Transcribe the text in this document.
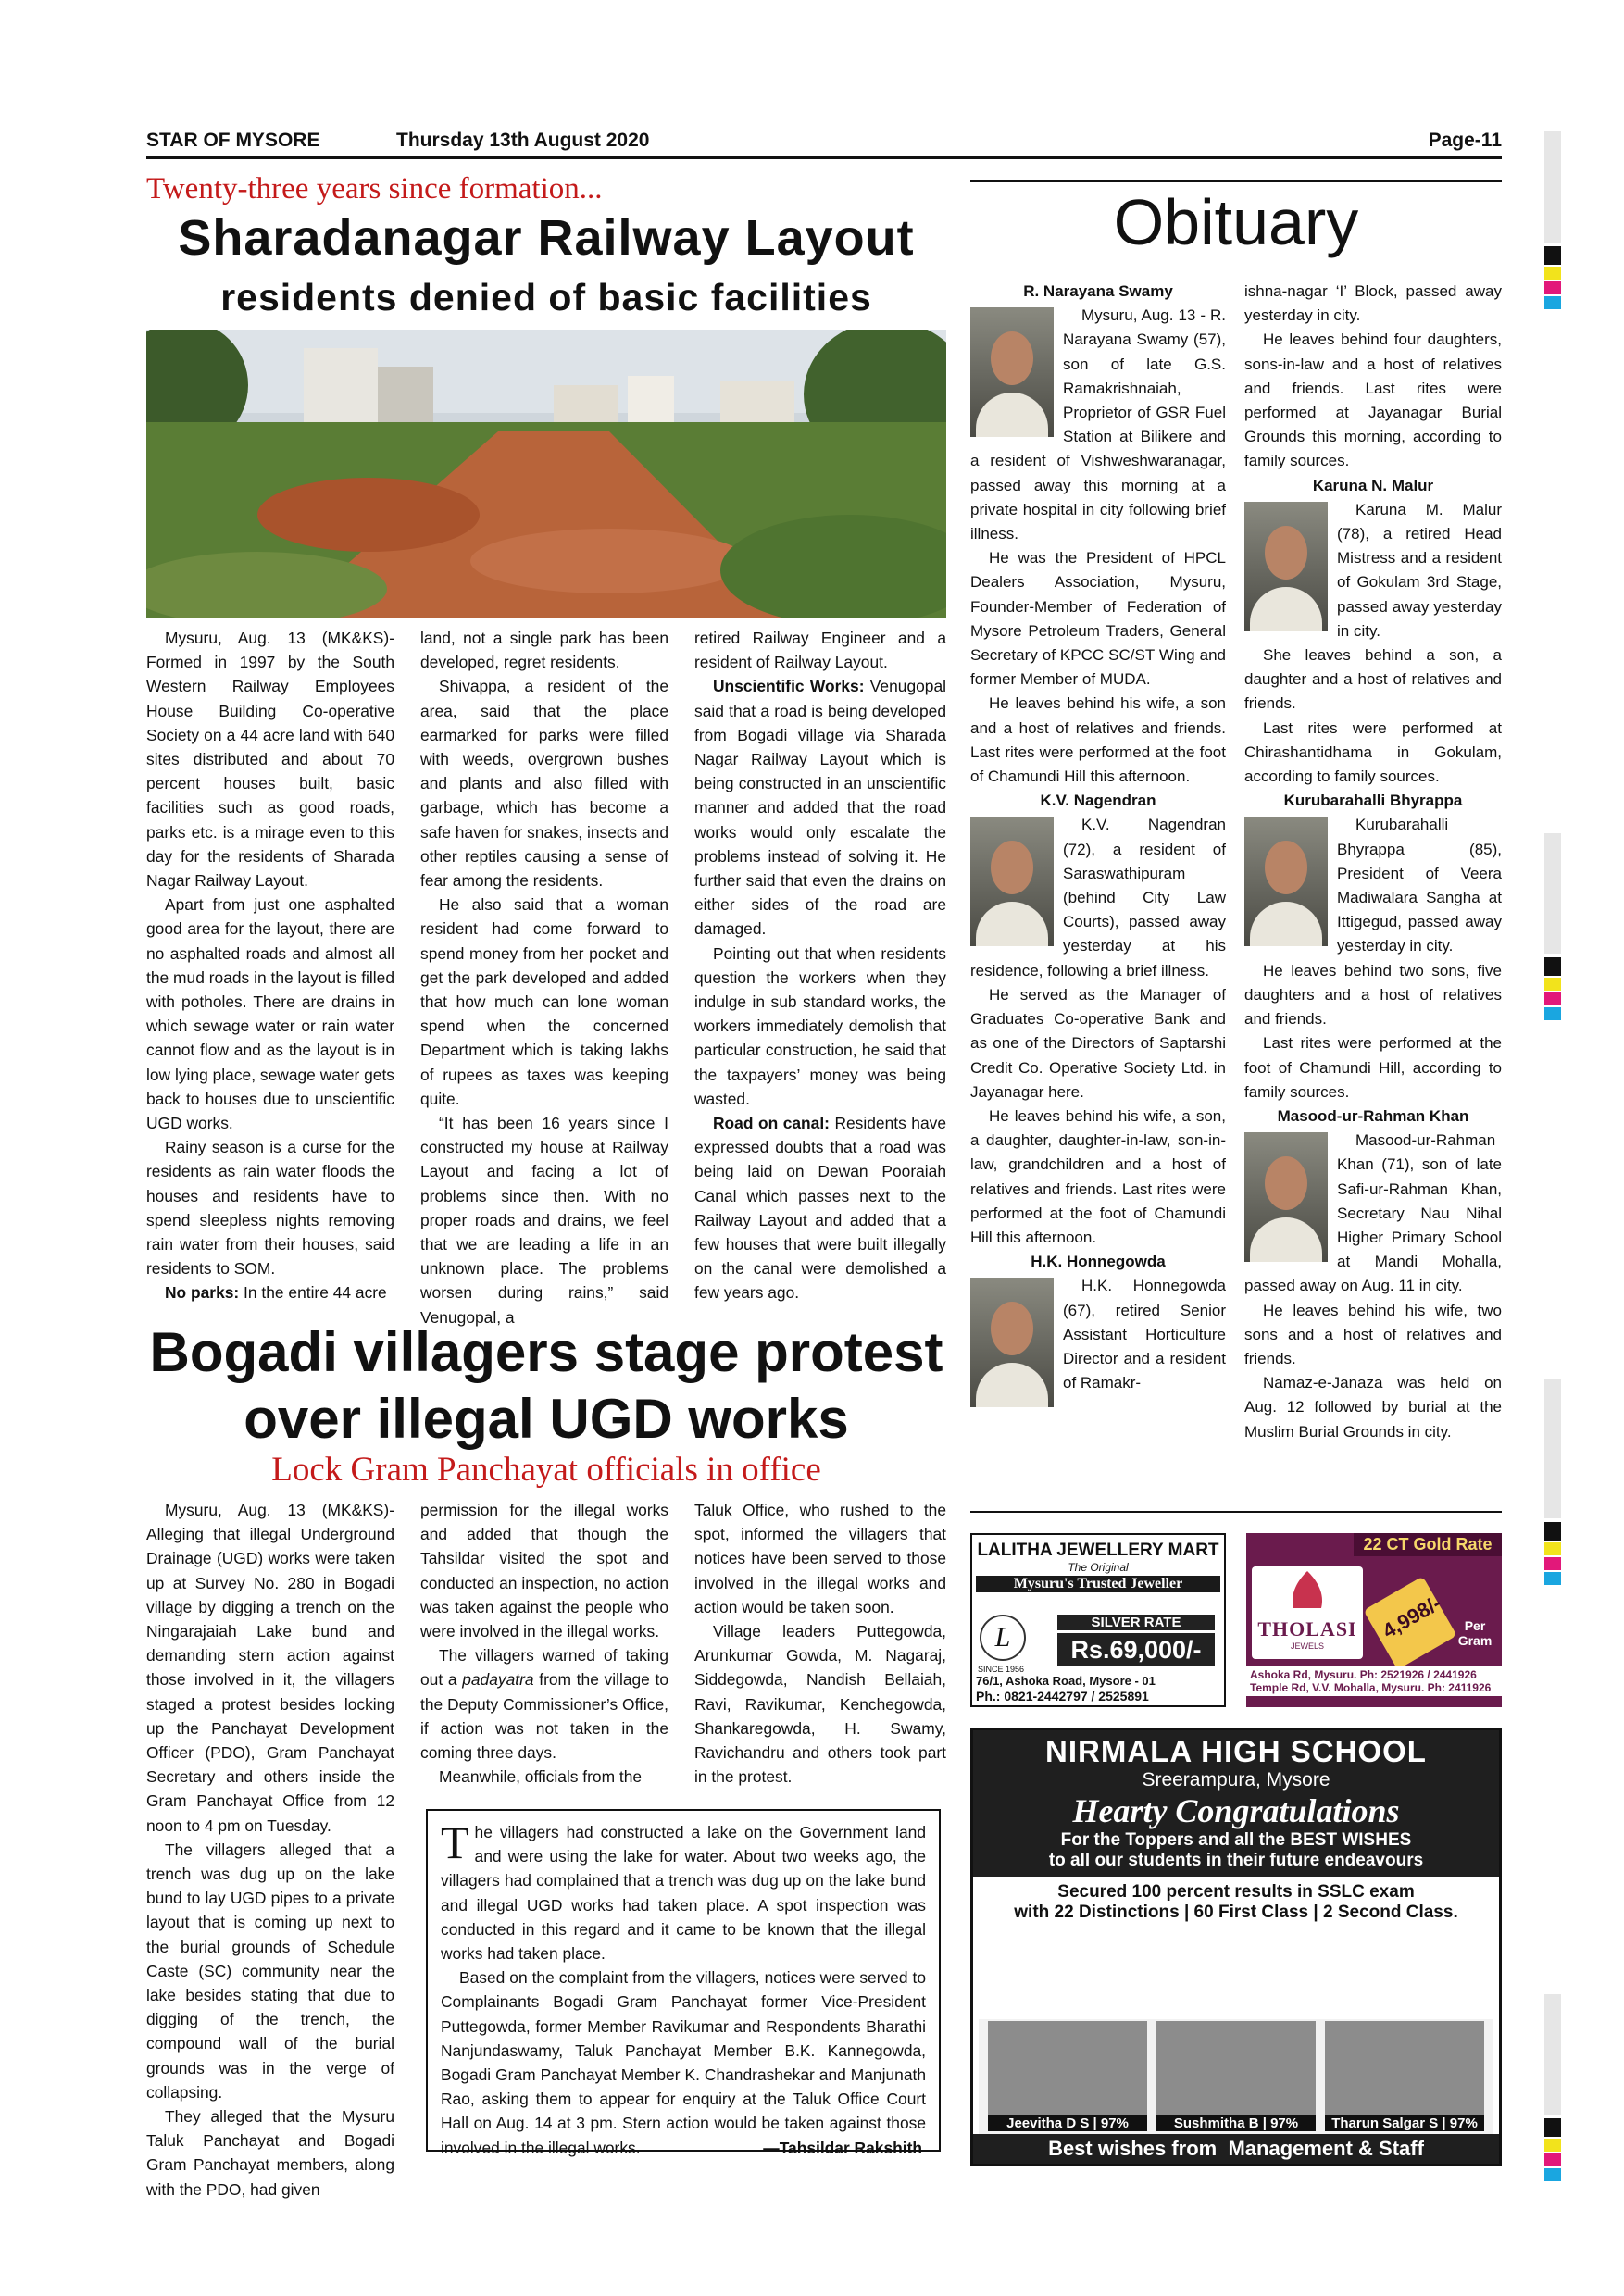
STAR OF MYSORE	Thursday 13th August 2020	Page-11
Twenty-three years since formation...
Sharadanagar Railway Layout
residents denied of basic facilities

Mysuru, Aug. 13 (MK&KS)- Formed in 1997 by the South Western Railway Employees House Building Co-operative Society on a 44 acre land with 640 sites distributed and about 70 percent houses built, basic facilities such as good roads, parks etc. is a mirage even to this day for the residents of Sharada Nagar Railway Layout.

Apart from just one asphalted good area for the layout, there are no asphalted roads and almost all the mud roads in the layout is filled with potholes. There are drains in which sewage water or rain water cannot flow and as the layout is in low lying place, sewage water gets back to houses due to unscientific UGD works.

Rainy season is a curse for the residents as rain water floods the houses and residents have to spend sleepless nights removing rain water from their houses, said residents to SOM.

No parks: In the entire 44 acre

land, not a single park has been developed, regret residents.

Shivappa, a resident of the area, said that the place earmarked for parks were filled with weeds, overgrown bushes and plants and also filled with garbage, which has become a safe haven for snakes, insects and other reptiles causing a sense of fear among the residents.

He also said that a woman resident had come forward to spend money from her pocket and get the park developed and added that how much can lone woman spend when the concerned Department which is taking lakhs of rupees as taxes was keeping quite.

“It has been 16 years since I constructed my house at Railway Layout and facing a lot of problems since then. With no proper roads and drains, we feel that we are leading a life in an unknown place. The problems worsen during rains,” said Venugopal, a

retired Railway Engineer and a resident of Railway Layout.

Unscientific Works: Venugopal said that a road is being developed from Bogadi village via Sharada Nagar Railway Layout which is being constructed in an unscientific manner and added that the road works would only escalate the problems instead of solving it. He further said that even the drains on either sides of the road are damaged.

Pointing out that when residents question the workers when they indulge in sub standard works, the workers immediately demolish that particular construction, he said that the taxpayers’ money was being wasted.

Road on canal: Residents have expressed doubts that a road was being laid on Dewan Pooraiah Canal which passes next to the Railway Layout and added that a few houses that were built illegally on the canal were demolished a few years ago.

Bogadi villagers stage protest
over illegal UGD works
Lock Gram Panchayat officials in office

Mysuru, Aug. 13 (MK&KS)- Alleging that illegal Underground Drainage (UGD) works were taken up at Survey No. 280 in Bogadi village by digging a trench on the Ningarajaiah Lake bund and demanding stern action against those involved in it, the villagers staged a protest besides locking up the Panchayat Development Officer (PDO), Gram Panchayat Secretary and others inside the Gram Panchayat Office from 12 noon to 4 pm on Tuesday.

The villagers alleged that a trench was dug up on the lake bund to lay UGD pipes to a private layout that is coming up next to the burial grounds of Schedule Caste (SC) community near the lake besides stating that due to digging of the trench, the compound wall of the burial grounds was in the verge of collapsing.

They alleged that the Mysuru Taluk Panchayat and Bogadi Gram Panchayat members, along with the PDO, had given

permission for the illegal works and added that though the Tahsildar visited the spot and conducted an inspection, no action was taken against the people who were involved in the illegal works.

The villagers warned of taking out a padayatra from the village to the Deputy Commissioner’s Office, if action was not taken in the coming three days.

Meanwhile, officials from the

Taluk Office, who rushed to the spot, informed the villagers that notices have been served to those involved in the illegal works and action would be taken soon.

Village leaders Puttegowda, Arunkumar Gowda, M. Nagaraj, Siddegowda, Nandish Bellaiah, Ravi, Ravikumar, Kenchegowda, Shankaregowda, H. Swamy, Ravichandru and others took part in the protest.

The villagers had constructed a lake on the Government land and were using the lake for water. About two weeks ago, the villagers had complained that a trench was dug up on the lake bund and illegal UGD works had taken place. A spot inspection was conducted in this regard and it came to be known that the illegal works had taken place.

Based on the complaint from the villagers, notices were served to Complainants Bogadi Gram Panchayat former Vice-President Puttegowda, former Member Ravikumar and Respondents Bharathi Nanjundaswamy, Taluk Panchayat Member B.K. Kannegowda, Bogadi Gram Panchayat Member K. Chandrashekar and Manjunath Rao, asking them to appear for enquiry at the Taluk Office Court Hall on Aug. 14 at 3 pm. Stern action would be taken against those involved in the illegal works.	—Tahsildar Rakshith

Obituary

R. Narayana Swamy

Mysuru, Aug. 13 - R. Narayana Swamy (57), son of late G.S. Ramakrishnaiah, Proprietor of GSR Fuel Station at Bilikere and a resident of Vishweshwaranagar, passed away this morning at a private hospital in city following brief illness.

He was the President of HPCL Dealers Association, Mysuru, Founder-Member of Federation of Mysore Petroleum Traders, General Secretary of KPCC SC/ST Wing and former Member of MUDA.

He leaves behind his wife, a son and a host of relatives and friends. Last rites were performed at the foot of Chamundi Hill this afternoon.

K.V. Nagendran

K.V. Nagendran (72), a resident of Saraswathipuram (behind City Law Courts), passed away yesterday at his residence, following a brief illness.

He served as the Manager of Graduates Co-operative Bank and as one of the Directors of Saptarshi Credit Co. Operative Society Ltd. in Jayanagar here.

He leaves behind his wife, a son, a daughter, daughter-in-law, son-in-law, grandchildren and a host of relatives and friends. Last rites were performed at the foot of Chamundi Hill this afternoon.

H.K. Honnegowda

H.K. Honnegowda (67), retired Senior Assistant Horticulture Director and a resident of Ramakr-

ishna-nagar ‘I’ Block, passed away yesterday in city.

He leaves behind four daughters, sons-in-law and a host of relatives and friends. Last rites were performed at Jayanagar Burial Grounds this morning, according to family sources.

Karuna N. Malur

Karuna M. Malur (78), a retired Head Mistress and a resident of Gokulam 3rd Stage, passed away yesterday in city.

She leaves behind a son, a daughter and a host of relatives and friends.

Last rites were performed at Chirashantidhama in Gokulam, according to family sources.

Kurubarahalli Bhyrappa

Kurubarahalli Bhyrappa (85), President of Veera Madiwalara Sangha at Ittigegud, passed away yesterday in city.

He leaves behind two sons, five daughters and a host of relatives and friends.

Last rites were performed at the foot of Chamundi Hill, according to family sources.

Masood-ur-Rahman Khan

Masood-ur-Rahman Khan (71), son of late Safi-ur-Rahman Khan, Secretary Nau Nihal Higher Primary School at Mandi Mohalla, passed away on Aug. 11 in city.

He leaves behind his wife, two sons and a host of relatives and friends.

Namaz-e-Janaza was held on Aug. 12 followed by burial at the Muslim Burial Grounds in city.

LALITHA JEWELLERY MART
The Original
Mysuru's Trusted Jeweller
L
SINCE 1956
SILVER RATE
Rs.69,000/-
76/1, Ashoka Road, Mysore - 01
Ph.: 0821-2442797 / 2525891
22 CT Gold Rate
THOLASI
JEWELS
4,998/-	Per Gram
Ashoka Rd, Mysuru. Ph: 2521926 / 2441926
Temple Rd, V.V. Mohalla, Mysuru. Ph: 2411926
NIRMALA HIGH SCHOOL
Sreerampura, Mysore
Hearty Congratulations
For the Toppers and all the BEST WISHES
to all our students in their future endeavours
Secured 100 percent results in SSLC exam
with 22 Distinctions | 60 First Class | 2 Second Class.
Jeevitha D S | 97%	Sushmitha B | 97%	Tharun Salgar S | 97%
Best wishes from  Management & Staff
